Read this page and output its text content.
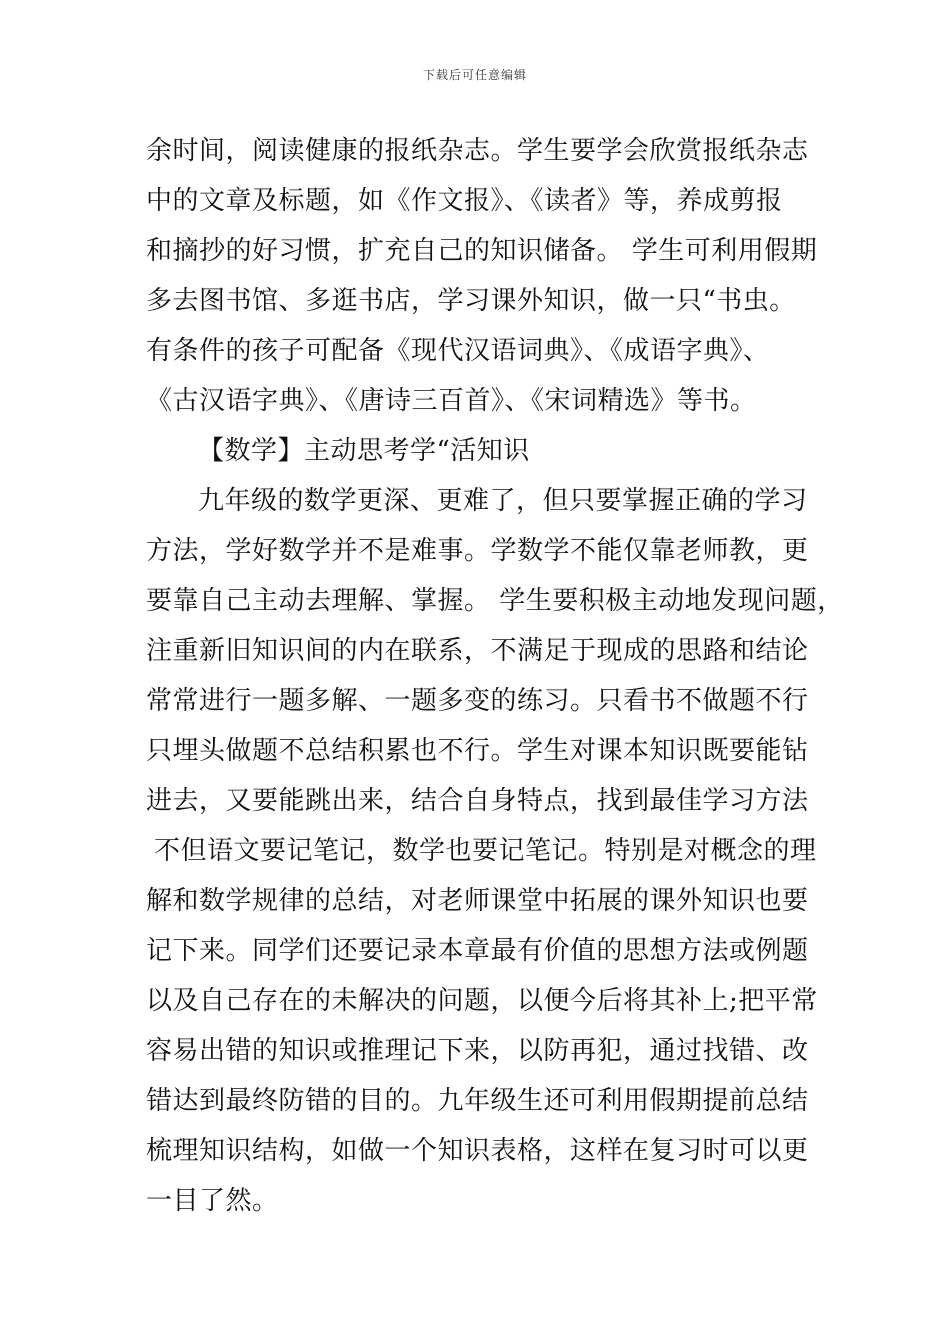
下载后可任意编辑
余时间，阅读健康的报纸杂志。学生要学会欣赏报纸杂志
中的文章及标题，如《作文报》、《读者》等，养成剪报
和摘抄的好习惯，扩充自己的知识储备。 学生可利用假期
多去图书馆、多逛书店，学习课外知识，做一只“书虫。
有条件的孩子可配备《现代汉语词典》、《成语字典》、
《古汉语字典》、《唐诗三百首》、《宋词精选》等书。
【数学】主动思考学“活知识
九年级的数学更深、更难了，但只要掌握正确的学习
方法，学好数学并不是难事。学数学不能仅靠老师教，更
要靠自己主动去理解、掌握。 学生要积极主动地发现问题，
注重新旧知识间的内在联系，不满足于现成的思路和结论
常常进行一题多解、一题多变的练习。只看书不做题不行
只埋头做题不总结积累也不行。学生对课本知识既要能钻
进去，又要能跳出来，结合自身特点，找到最佳学习方法
不但语文要记笔记，数学也要记笔记。特别是对概念的理
解和数学规律的总结，对老师课堂中拓展的课外知识也要
记下来。同学们还要记录本章最有价值的思想方法或例题
以及自己存在的未解决的问题，以便今后将其补上;把平常
容易出错的知识或推理记下来，以防再犯，通过找错、改
错达到最终防错的目的。九年级生还可利用假期提前总结
梳理知识结构，如做一个知识表格，这样在复习时可以更
一目了然。
